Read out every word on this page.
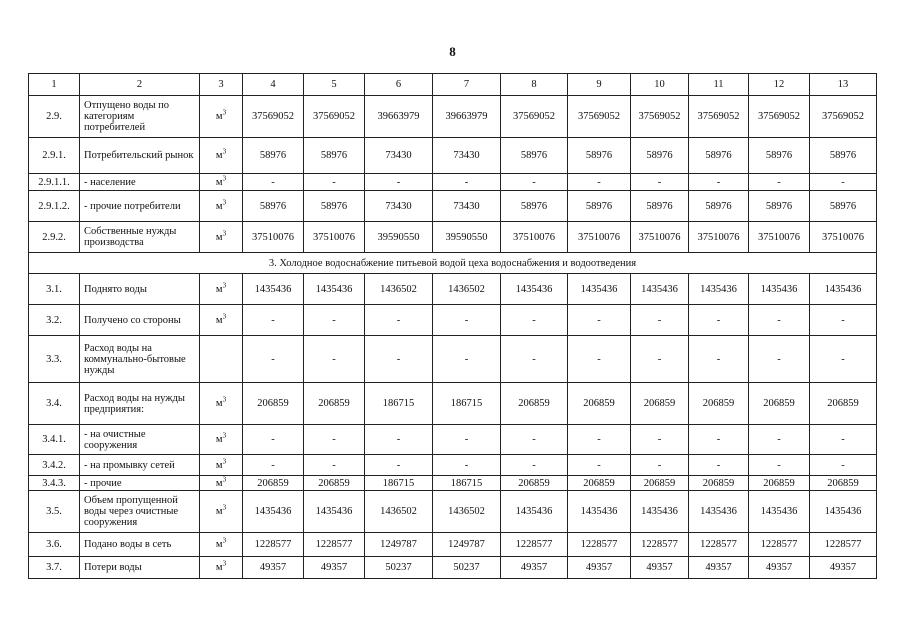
8
1	2	3	4	5	6	7	8	9	10	11	12	13
2.9.	Отпущено воды по категориям потребителей	$м^3$	37569052	37569052	39663979	39663979	37569052	37569052	37569052	37569052	37569052	37569052
2.9.1.	Потребительский рынок	$м^3$	58976	58976	73430	73430	58976	58976	58976	58976	58976	58976
2.9.1.1.	- население	$м^3$	-	-	-	-	-	-	-	-	-	-
2.9.1.2.	- прочие потребители	$м^3$	58976	58976	73430	73430	58976	58976	58976	58976	58976	58976
2.9.2.	Собственные нужды производства	$м^3$	37510076	37510076	39590550	39590550	37510076	37510076	37510076	37510076	37510076	37510076
3. Холодное водоснабжение питьевой водой цеха водоснабжения и водоотведения												
3.1.	Поднято воды	$м^3$	1435436	1435436	1436502	1436502	1435436	1435436	1435436	1435436	1435436	1435436
3.2.	Получено со стороны	$м^3$	-	-	-	-	-	-	-	-	-	-
3.3.	Расход воды на коммунально-бытовые нужды		-	-	-	-	-	-	-	-	-	-
3.4.	Расход воды на нужды предприятия:	$м^3$	206859	206859	186715	186715	206859	206859	206859	206859	206859	206859
3.4.1.	- на очистные сооружения	$м^3$	-	-	-	-	-	-	-	-	-	-
3.4.2.	- на промывку сетей	$м^3$	-	-	-	-	-	-	-	-	-	-
3.4.3.	- прочие	$м^3$	206859	206859	186715	186715	206859	206859	206859	206859	206859	206859
3.5.	Объем пропущенной воды через очистные сооружения	$м^3$	1435436	1435436	1436502	1436502	1435436	1435436	1435436	1435436	1435436	1435436
3.6.	Подано воды в сеть	$м^3$	1228577	1228577	1249787	1249787	1228577	1228577	1228577	1228577	1228577	1228577
3.7.	Потери воды	$м^3$	49357	49357	50237	50237	49357	49357	49357	49357	49357	49357
